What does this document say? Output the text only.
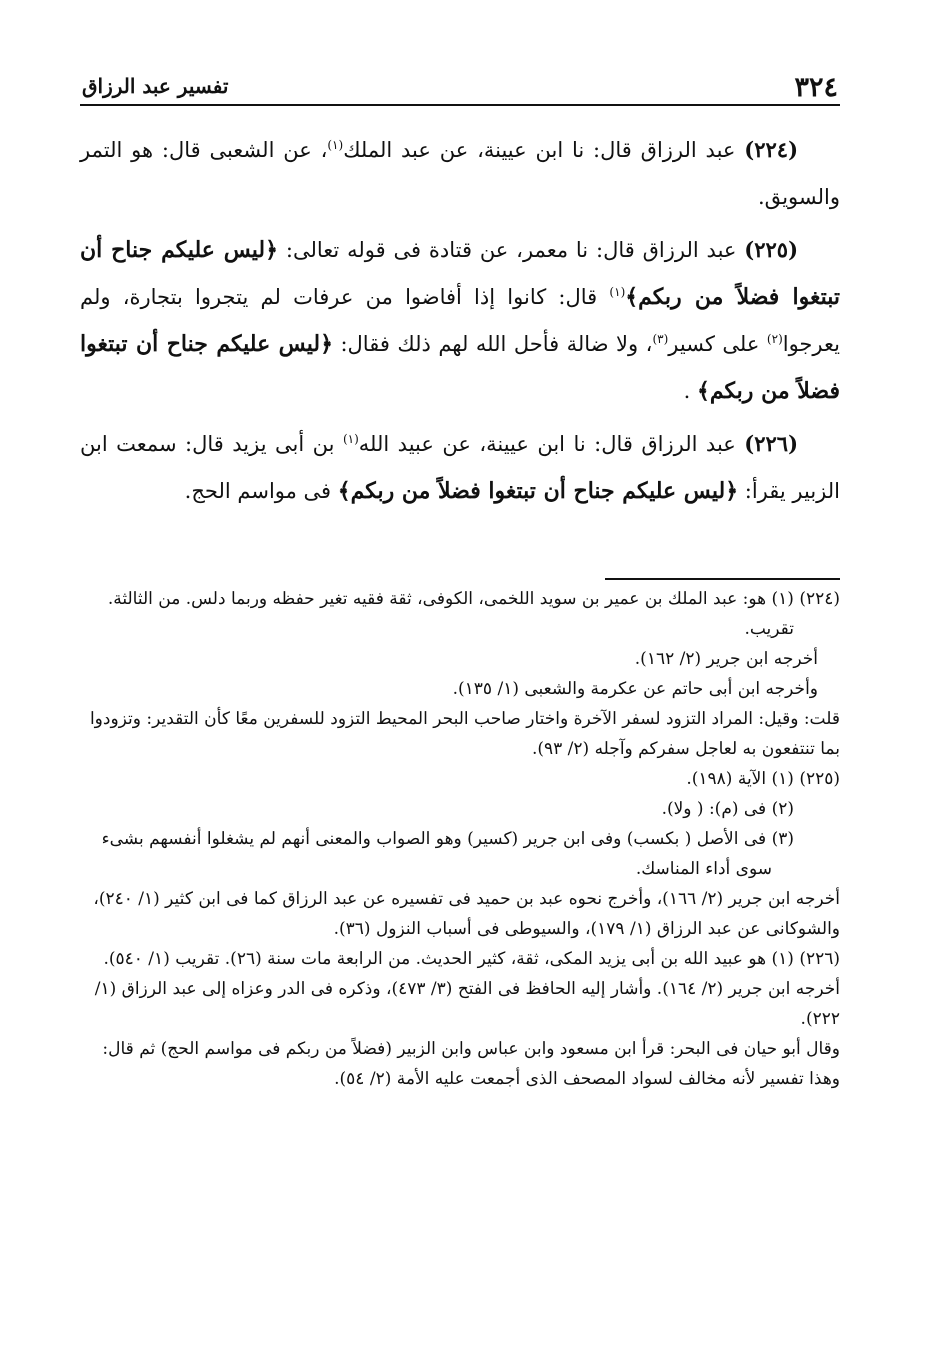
٣٢٤
تفسير عبد الرزاق

(٢٢٤) عبد الرزاق قال: نا ابن عيينة، عن عبد الملك$^{(١)}$، عن الشعبى قال: هو التمر والسويق.

(٢٢٥) عبد الرزاق قال: نا معمر، عن قتادة فى قوله تعالى: ﴿ليس عليكم جناح أن تبتغوا فضلاً من ربكم﴾$^{(١)}$ قال: كانوا إذا أفاضوا من عرفات لم يتجروا بتجارة، ولم يعرجوا$^{(٢)}$ على كسير$^{(٣)}$، ولا ضالة فأحل الله لهم ذلك فقال: ﴿ليس عليكم جناح أن تبتغوا فضلاً من ربكم﴾ .

(٢٢٦) عبد الرزاق قال: نا ابن عيينة، عن عبيد الله$^{(١)}$ بن أبى يزيد قال: سمعت ابن الزبير يقرأ: ﴿ليس عليكم جناح أن تبتغوا فضلاً من ربكم﴾ فى مواسم الحج.

(٢٢٤) (١) هو: عبد الملك بن عمير بن سويد اللخمى، الكوفى، ثقة فقيه تغير حفظه وربما دلس. من الثالثة. تقريب.

أخرجه ابن جرير (٢/ ١٦٢).

وأخرجه ابن أبى حاتم عن عكرمة والشعبى (١/ ١٣٥).

قلت: وقيل: المراد التزود لسفر الآخرة واختار صاحب البحر المحيط التزود للسفرين معًا كأن التقدير: وتزودوا بما تنتفعون به لعاجل سفركم وآجله (٢/ ٩٣).

(٢٢٥) (١) الآية (١٩٨).

(٢) فى (م): ( ولا).

(٣) فى الأصل ( بكسب) وفى ابن جرير (كسير) وهو الصواب والمعنى أنهم لم يشغلوا أنفسهم بشىء سوى أداء المناسك.

أخرجه ابن جرير (٢/ ١٦٦)، وأخرج نحوه عبد بن حميد فى تفسيره عن عبد الرزاق كما فى ابن كثير (١/ ٢٤٠)، والشوكانى عن عبد الرزاق (١/ ١٧٩)، والسيوطى فى أسباب النزول (٣٦).

(٢٢٦) (١) هو عبيد الله بن أبى يزيد المكى، ثقة، كثير الحديث. من الرابعة مات سنة (٢٦). تقريب (١/ ٥٤٠).

أخرجه ابن جرير (٢/ ١٦٤). وأشار إليه الحافظ فى الفتح (٣/ ٤٧٣)، وذكره فى الدر وعزاه إلى عبد الرزاق (١/ ٢٢٢).

وقال أبو حيان فى البحر: قرأ ابن مسعود وابن عباس وابن الزبير (فضلاً من ربكم فى مواسم الحج) ثم قال: وهذا تفسير لأنه مخالف لسواد المصحف الذى أجمعت عليه الأمة (٢/ ٥٤).
